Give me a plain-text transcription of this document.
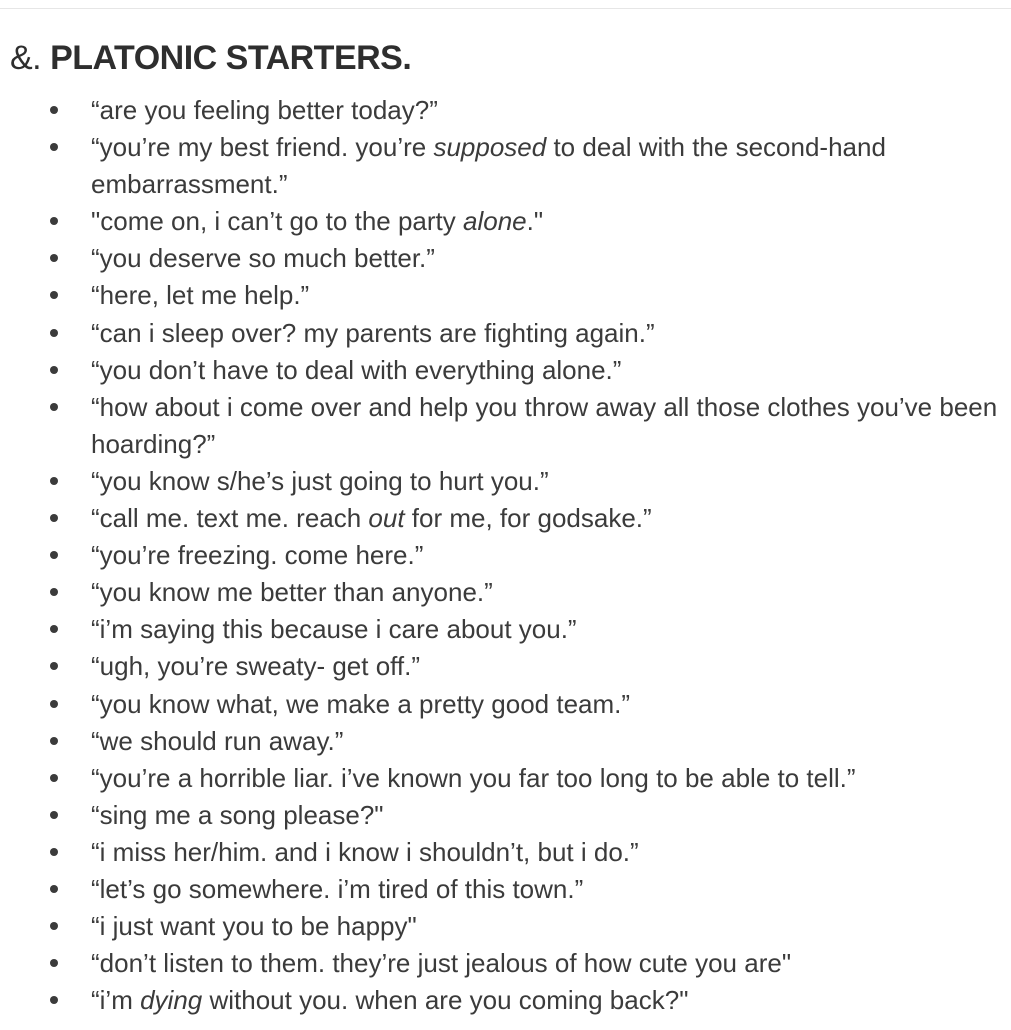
&. PLATONIC STARTERS.
“are you feeling better today?”
“you’re my best friend. you’re supposed to deal with the second-hand embarrassment.”
"come on, i can’t go to the party alone."
“you deserve so much better.”
“here, let me help.”
“can i sleep over? my parents are fighting again.”
“you don’t have to deal with everything alone.”
“how about i come over and help you throw away all those clothes you’ve been hoarding?”
“you know s/he’s just going to hurt you.”
“call me. text me. reach out for me, for godsake.”
“you’re freezing. come here.”
“you know me better than anyone.”
“i’m saying this because i care about you.”
“ugh, you’re sweaty- get off.”
“you know what, we make a pretty good team.”
“we should run away.”
“you’re a horrible liar. i’ve known you far too long to be able to tell.”
“sing me a song please?"
“i miss her/him. and i know i shouldn’t, but i do.”
“let’s go somewhere. i’m tired of this town.”
“i just want you to be happy"
“don’t listen to them. they’re just jealous of how cute you are"
“i’m dying without you. when are you coming back?"
